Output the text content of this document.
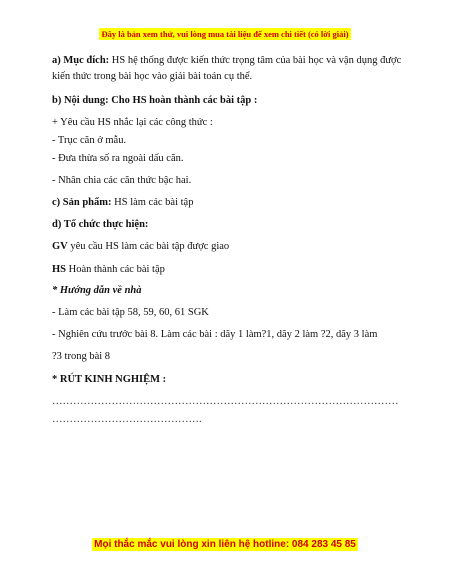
Đây là bản xem thử, vui lòng mua tài liệu để xem chi tiết (có lời giải)
a) Mục đích: HS hệ thống được kiến thức trọng tâm của bài học và vận dụng được
kiến thức trong bài học vào giải bài toán cụ thể.
b) Nội dung: Cho HS hoàn thành các bài tập :
+ Yêu cầu HS nhắc lại các công thức :
- Trục căn ở mẫu.
- Đưa thừa số ra ngoài dấu căn.
- Nhân chia các căn thức bậc hai.
c) Sản phẩm: HS làm các bài tập
d) Tổ chức thực hiện:
GV yêu cầu HS làm các bài tập được giao
HS Hoàn thành các bài tập
* Hướng dẫn về nhà
- Làm các bài tập 58, 59, 60, 61 SGK
- Nghiên cứu trước bài 8. Làm các bài : dãy 1 làm?1, dãy 2 làm ?2, dãy 3 làm
?3 trong bài 8
* RÚT KINH NGHIỆM :
………………………………………………………………………………………
…………………………………….
Mọi thắc mắc vui lòng xin liên hệ hotline: 084 283 45 85
